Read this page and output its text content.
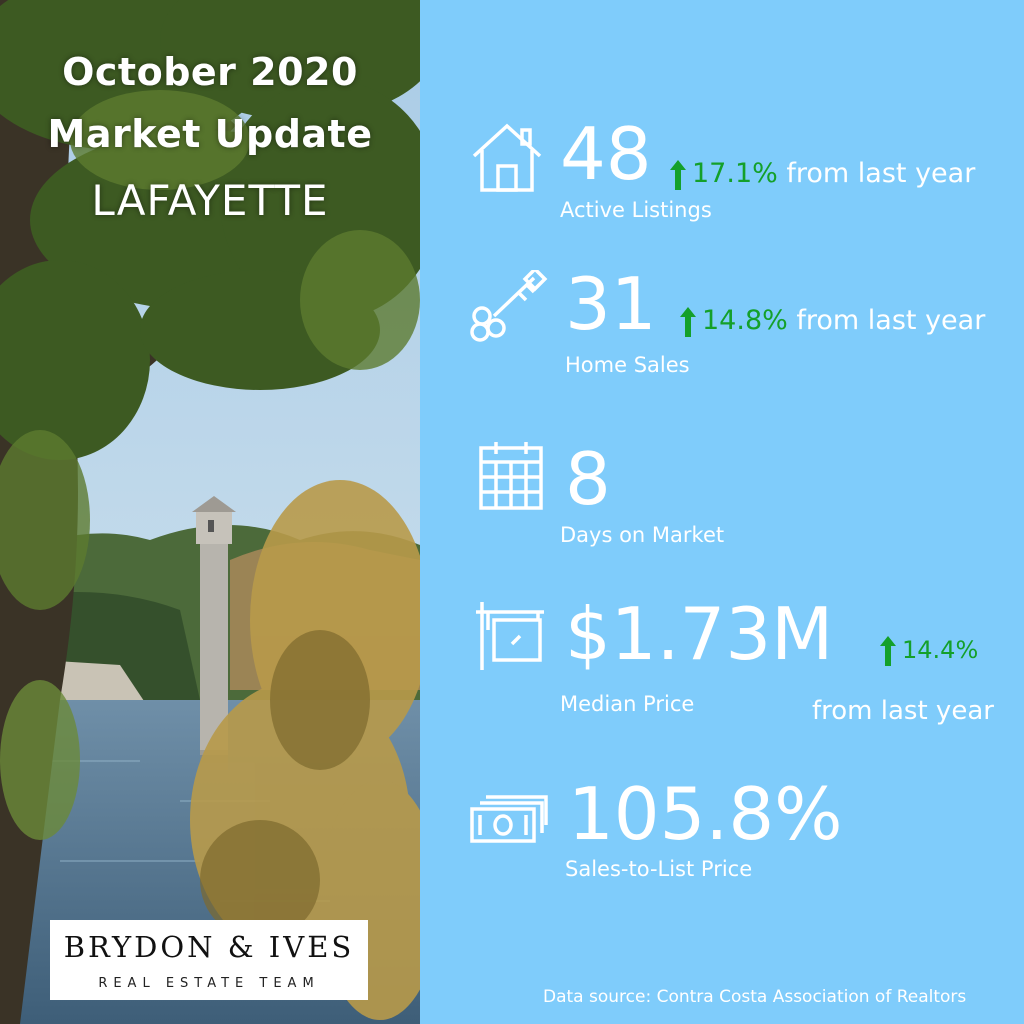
October 2020
Market Update
LAFAYETTE
BRYDON & IVES
REAL ESTATE TEAM
48	17.1% from last year
Active Listings
31	14.8% from last year
Home Sales
8
Days on Market
$1.73M	14.4%
from last year
Median Price
105.8%
Sales-to-List Price
Data source: Contra Costa Association of Realtors
